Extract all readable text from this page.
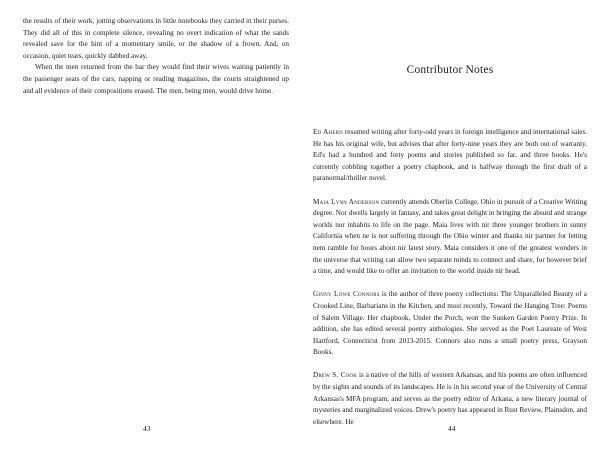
the results of their work, jotting observations in little notebooks they carried in their purses. They did all of this in complete silence, revealing no overt indication of what the sands revealed save for the hint of a momentary smile, or the shadow of a frown. And, on occasion, quiet tears, quickly dabbed away.

When the men returned from the bar they would find their wives waiting patiently in the passenger seats of the cars, napping or reading magazines, the courts straightened up and all evidence of their compositions erased. The men, being men, would drive home.

43
Contributor Notes

Ed Ahern resumed writing after forty-odd years in foreign intelligence and international sales. He has his original wife, but advises that after forty-nine years they are both out of warranty. Ed's had a hundred and forty poems and stories published so far, and three books. He's currently cobbling together a poetry chapbook, and is halfway through the first draft of a paranormal/thriller novel.

Maia Lynn Anderson currently attends Oberlin College, Ohio in pursuit of a Creative Writing degree. Nor dwells largely in fantasy, and takes great delight in bringing the absurd and strange worlds nor inhabits to life on the page. Maia lives with nir three younger brothers in sunny California when ne is not suffering through the Ohio winter and thanks nir partner for letting nem ramble for hours about nir latest story. Maia considers it one of the greatest wonders in the universe that writing can allow two separate minds to connect and share, for however brief a time, and would like to offer an invitation to the world inside nir head.

Ginny Lowe Connors is the author of three poetry collections: The Unparalleled Beauty of a Crooked Line, Barbarians in the Kitchen, and most recently, Toward the Hanging Tree: Poems of Salem Village. Her chapbook, Under the Porch, won the Sunken Garden Poetry Prize. In addition, she has edited several poetry anthologies. She served as the Poet Laureate of West Hartford, Connecticut from 2013-2015. Connors also runs a small poetry press, Grayson Books.

Drew S. Cook is a native of the hills of western Arkansas, and his poems are often influenced by the sights and sounds of its landscapes. He is in his second year of the University of Central Arkansas's MFA program, and serves as the poetry editor of Arkana, a new literary journal of mysteries and marginalized voices. Drew's poetry has appeared in Rust Review, Plainsdon, and elsewhere. He

44
